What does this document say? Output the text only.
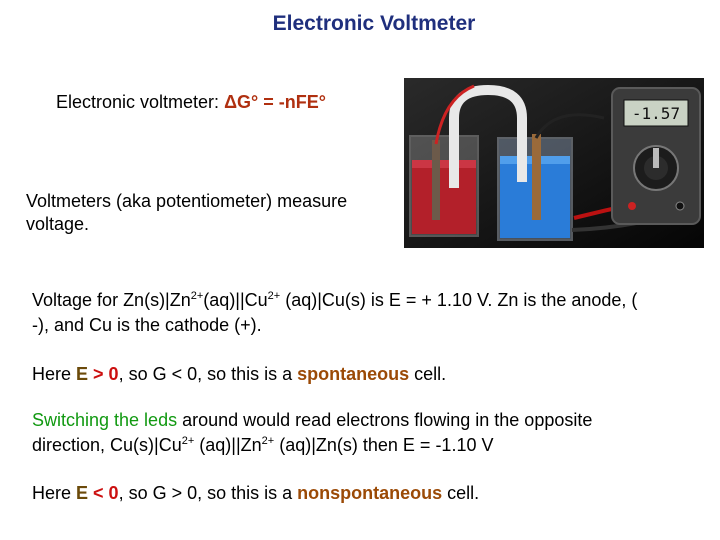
Electronic Voltmeter
Electronic voltmeter: ΔG° = -nFE°
Voltmeters (aka potentiometer) measure voltage.
-1.57
Voltage for $Zn(s)|Zn^{2+}(aq)||Cu^{2+}$ (aq)|Cu(s) is E = + 1.10 V. Zn is the anode, (
-), and Cu is the cathode (+).
Here E > 0, so G < 0, so this is a spontaneous cell.
Switching the leds around would read electrons flowing in the opposite
direction, $Cu(s)|Cu^{2+}$ $(aq)||Zn^{2+}$ (aq)|Zn(s) then E = -1.10 V
Here E < 0, so G > 0, so this is a nonspontaneous cell.
